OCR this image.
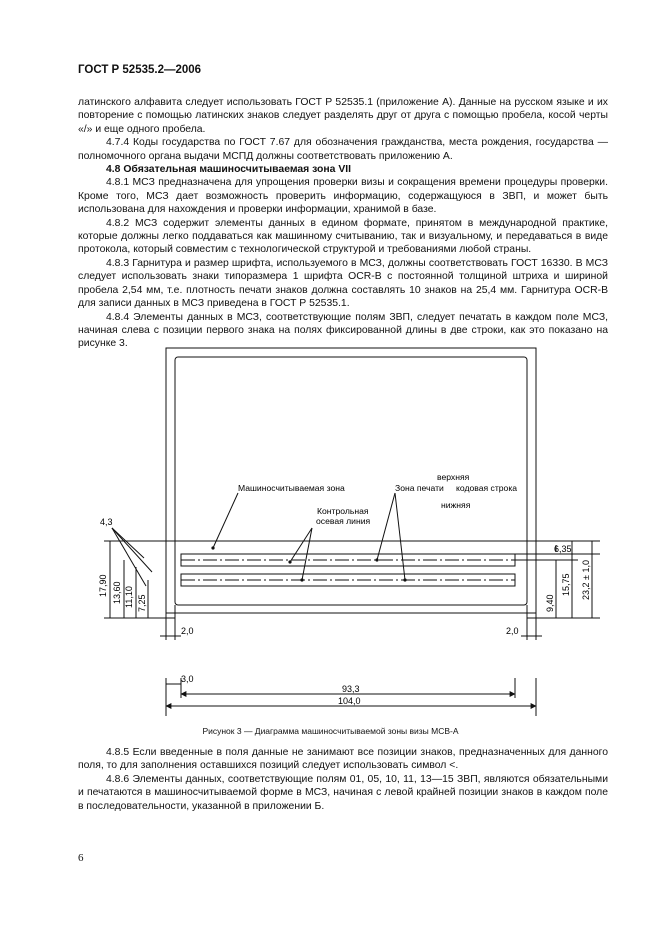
ГОСТ Р 52535.2—2006

латинского алфавита следует использовать ГОСТ Р 52535.1 (приложение А). Данные на русском языке и их повторение с помощью латинских знаков следует разделять друг от друга с помощью пробела, косой черты «/» и еще одного пробела.

4.7.4 Коды государства по ГОСТ 7.67 для обозначения гражданства, места рождения, государства — полномочного органа выдачи МСПД должны соответствовать приложению А.

4.8 Обязательная машиносчитываемая зона VII

4.8.1 МСЗ предназначена для упрощения проверки визы и сокращения времени процедуры проверки. Кроме того, МСЗ дает возможность проверить информацию, содержащуюся в ЗВП, и может быть использована для нахождения и проверки информации, хранимой в базе.

4.8.2 МСЗ содержит элементы данных в едином формате, принятом в международной практике, которые должны легко поддаваться как машинному считыванию, так и визуальному, и передаваться в виде протокола, который совместим с технологической структурой и требованиями любой страны.

4.8.3 Гарнитура и размер шрифта, используемого в МСЗ, должны соответствовать ГОСТ 16330. В МСЗ следует использовать знаки типоразмера 1 шрифта OCR-B с постоянной толщиной штриха и шириной пробела 2,54 мм, т.е. плотность печати знаков должна составлять 10 знаков на 25,4 мм. Гарнитура OCR-B для записи данных в МСЗ приведена в ГОСТ Р 52535.1.

4.8.4 Элементы данных в МСЗ, соответствующие полям ЗВП, следует печатать в каждом поле МСЗ, начиная слева с позиции первого знака на полях фиксированной длины в две строки, как это показано на рисунке 3.

Машиносчитываемая зона
Контрольная
осевая линия
верхняя
Зона печати кодовая строка
нижняя
4,3
17,90 13,60 11,10 7,25
6,35
15,75
9,40
23,2 ± 1,0
2,0	2,0
3,0
93,3
104,0
Рисунок 3 — Диаграмма машиносчитываемой зоны визы МСВ-А

4.8.5 Если введенные в поля данные не занимают все позиции знаков, предназначенных для данного поля, то для заполнения оставшихся позиций следует использовать символ <.

4.8.6 Элементы данных, соответствующие полям 01, 05, 10, 11, 13—15 ЗВП, являются обязательными и печатаются в машиносчитываемой форме в МСЗ, начиная с левой крайней позиции знаков в каждом поле в последовательности, указанной в приложении Б.

6
